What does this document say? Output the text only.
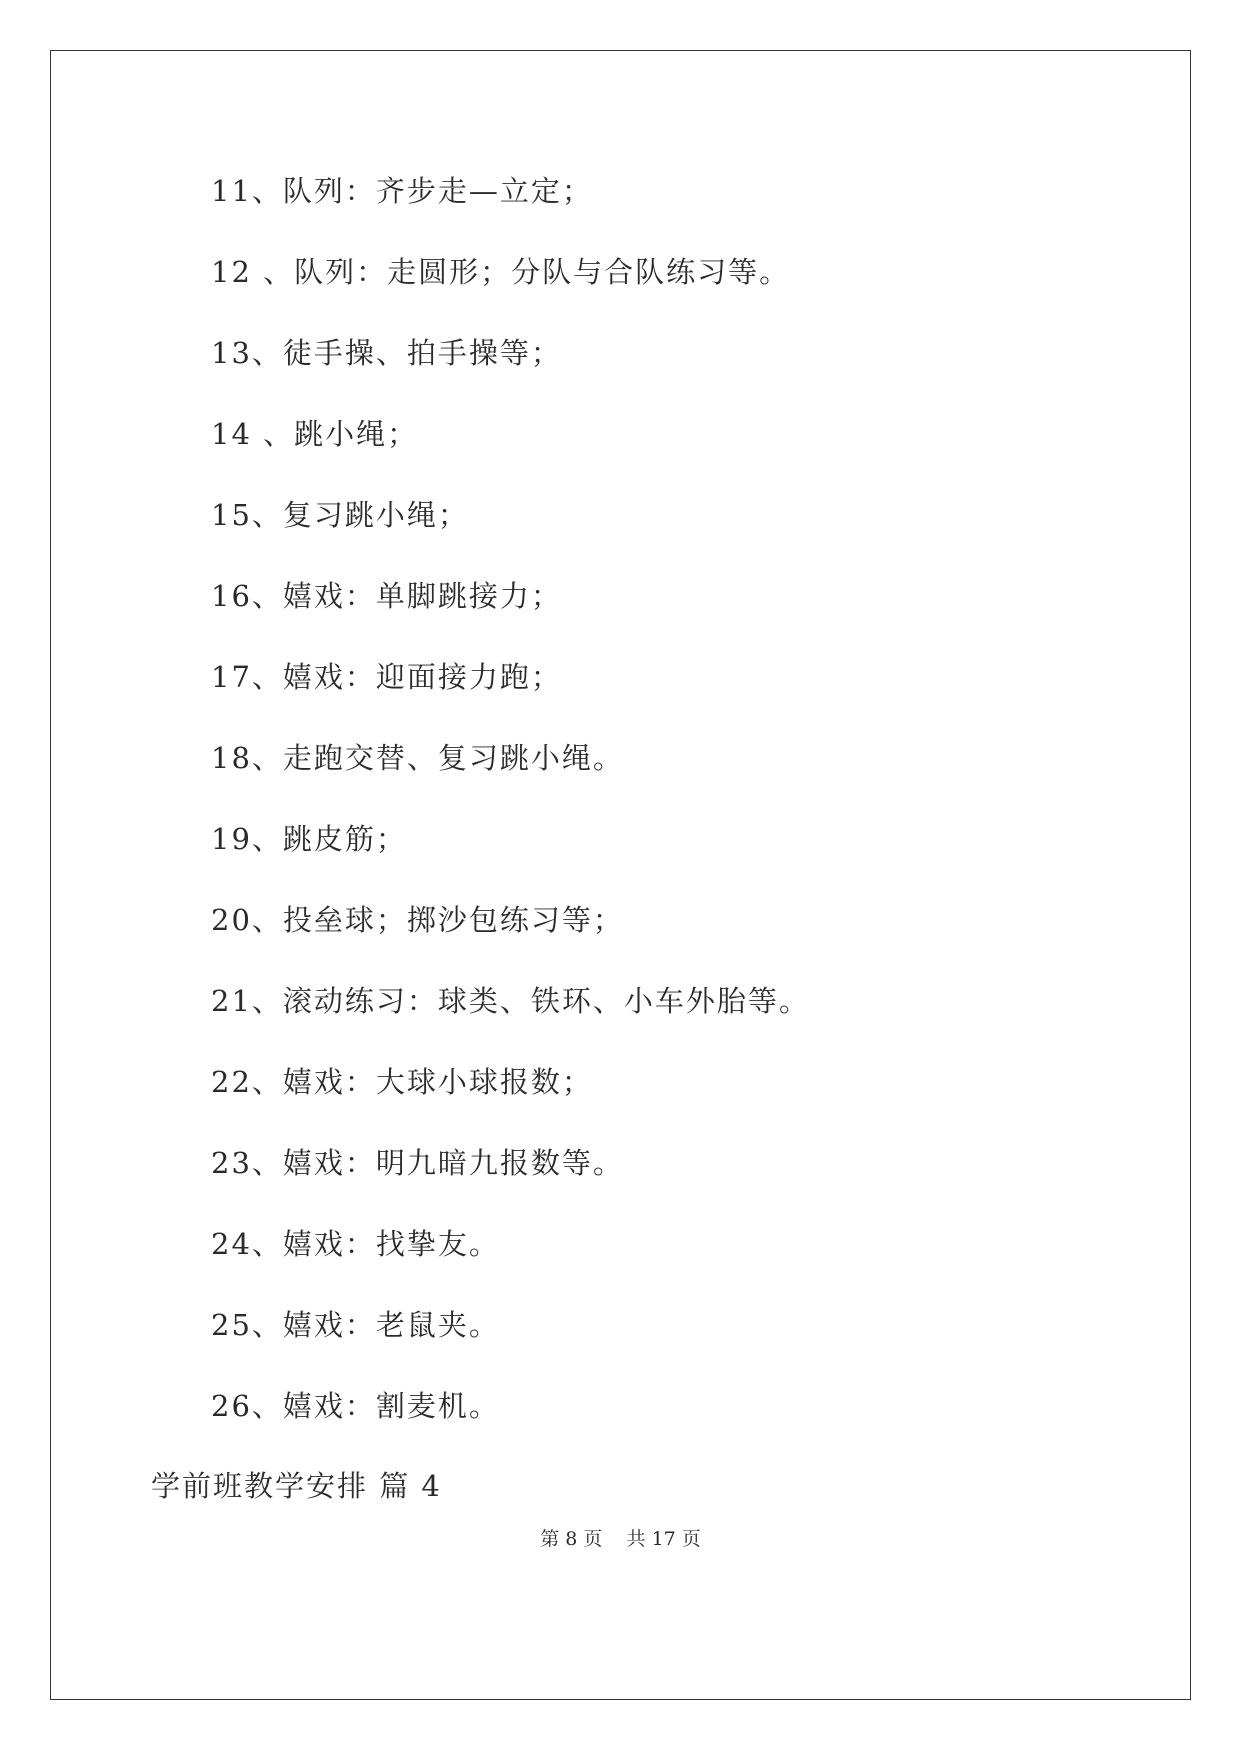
11、队列：齐步走—立定；
12 、队列：走圆形；分队与合队练习等。
13、徒手操、拍手操等；
14 、跳小绳；
15、复习跳小绳；
16、嬉戏：单脚跳接力；
17、嬉戏：迎面接力跑；
18、走跑交替、复习跳小绳。
19、跳皮筋；
20、投垒球；掷沙包练习等；
21、滚动练习：球类、铁环、小车外胎等。
22、嬉戏：大球小球报数；
23、嬉戏：明九暗九报数等。
24、嬉戏：找挚友。
25、嬉戏：老鼠夹。
26、嬉戏：割麦机。
学前班教学安排 篇 4
第 8 页    共 17 页
